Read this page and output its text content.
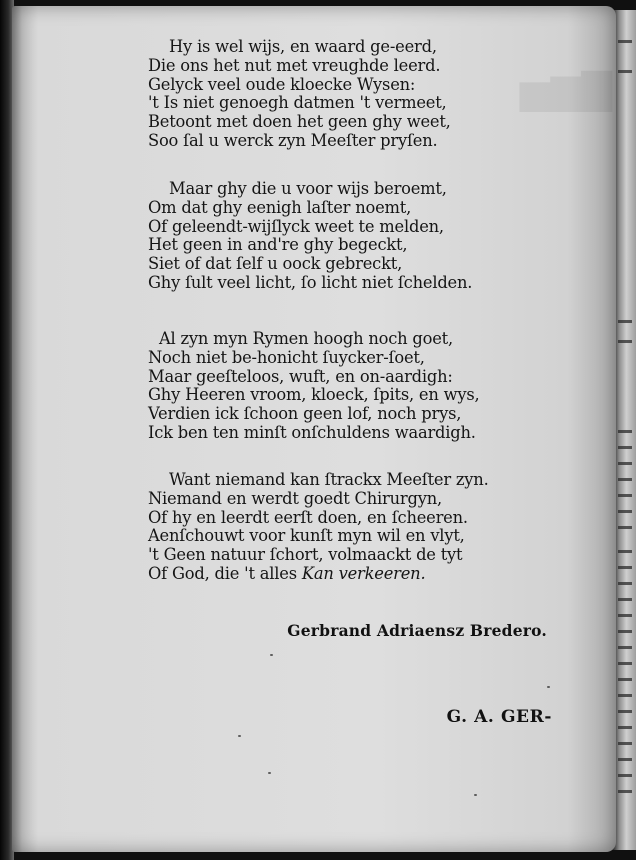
▇▆▅
Hy is wel wijs, en waard ge-eerd,
Die ons het nut met vreughde leerd.
Gelyck veel oude kloecke Wysen:
't Is niet genoegh datmen 't vermeet,
Betoont met doen het geen ghy weet,
Soo ſal u werck zyn Meeſter pryſen.
Maar ghy die u voor wijs beroemt,
Om dat ghy eenigh laſter noemt,
Of geleendt-wijſlyck weet te melden,
Het geen in and're ghy begeckt,
Siet of dat ſelf u oock gebreckt,
Ghy ſult veel licht, ſo licht niet ſchelden.
Al zyn myn Rymen hoogh noch goet,
Noch niet be-honicht ſuycker-ſoet,
Maar geeſteloos, wuft, en on-aardigh:
Ghy Heeren vroom, kloeck, ſpits, en wys,
Verdien ick ſchoon geen lof, noch prys,
Ick ben ten minſt onſchuldens waardigh.
Want niemand kan ſtrackx Meeſter zyn.
Niemand en werdt goedt Chirurgyn,
Of hy en leerdt eerſt doen, en ſcheeren.
Aenſchouwt voor kunſt myn wil en vlyt,
't Geen natuur ſchort, volmaackt de tyt
Of God, die 't alles Kan verkeeren.
Gerbrand Adriaensz Bredero.
G. A. GER-
